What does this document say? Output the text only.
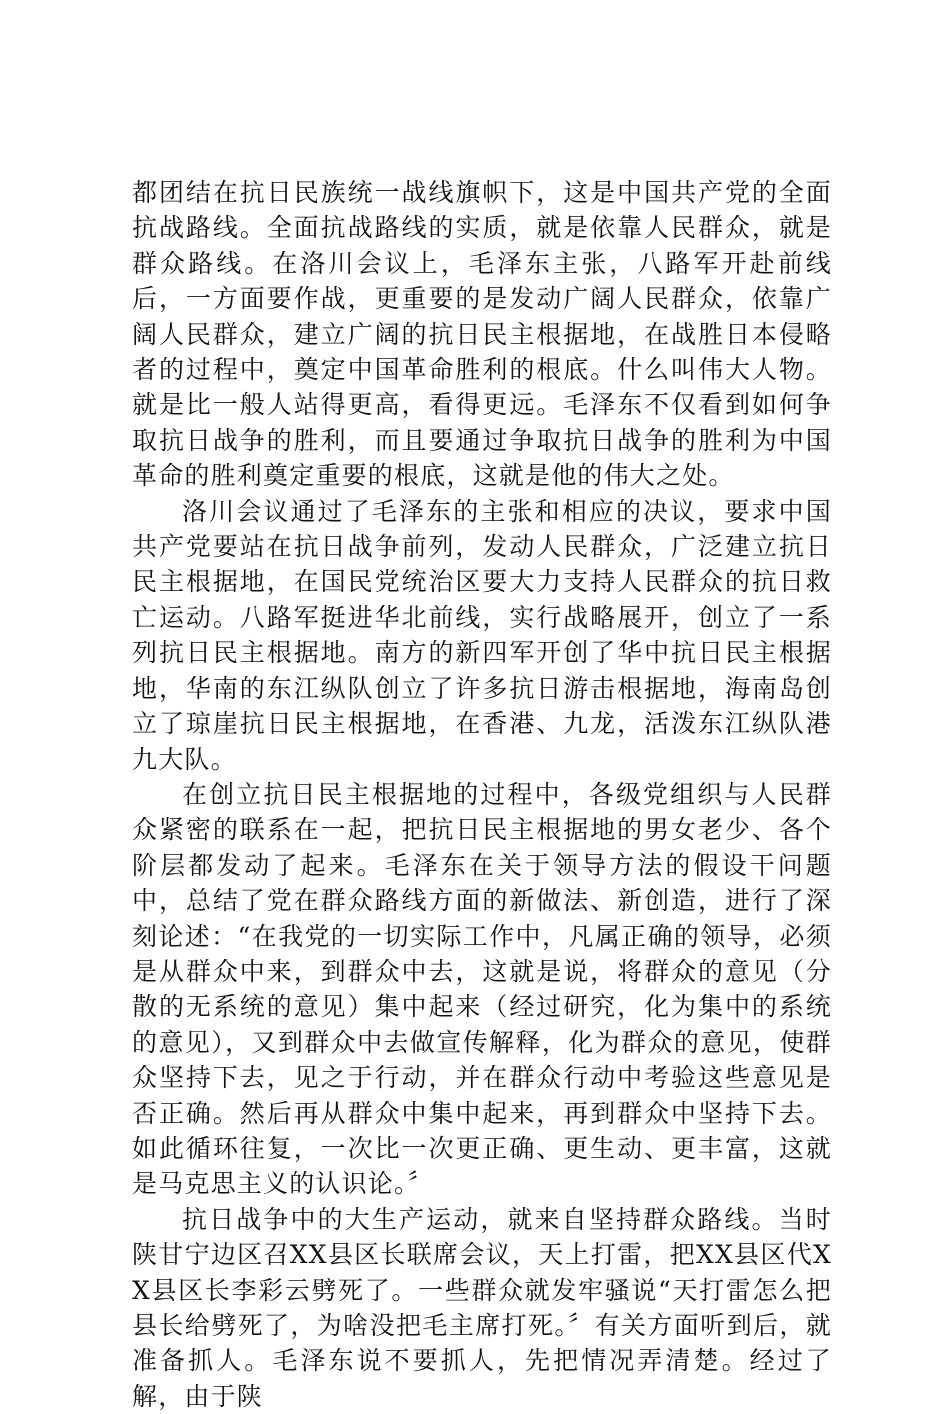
都团结在抗日民族统一战线旗帜下，这是中国共产党的全面抗战路线。全面抗战路线的实质，就是依靠人民群众，就是群众路线。在洛川会议上，毛泽东主张，八路军开赴前线后，一方面要作战，更重要的是发动广阔人民群众，依靠广阔人民群众，建立广阔的抗日民主根据地，在战胜日本侵略者的过程中，奠定中国革命胜利的根底。什么叫伟大人物。就是比一般人站得更高，看得更远。毛泽东不仅看到如何争取抗日战争的胜利，而且要通过争取抗日战争的胜利为中国革命的胜利奠定重要的根底，这就是他的伟大之处。

洛川会议通过了毛泽东的主张和相应的决议，要求中国共产党要站在抗日战争前列，发动人民群众，广泛建立抗日民主根据地，在国民党统治区要大力支持人民群众的抗日救亡运动。八路军挺进华北前线，实行战略展开，创立了一系列抗日民主根据地。南方的新四军开创了华中抗日民主根据地，华南的东江纵队创立了许多抗日游击根据地，海南岛创立了琼崖抗日民主根据地，在香港、九龙，活泼东江纵队港九大队。

在创立抗日民主根据地的过程中，各级党组织与人民群众紧密的联系在一起，把抗日民主根据地的男女老少、各个阶层都发动了起来。毛泽东在关于领导方法的假设干问题中，总结了党在群众路线方面的新做法、新创造，进行了深刻论述：“在我党的一切实际工作中，凡属正确的领导，必须是从群众中来，到群众中去，这就是说，将群众的意见（分散的无系统的意见）集中起来（经过研究，化为集中的系统的意见），又到群众中去做宣传解释，化为群众的意见，使群众坚持下去，见之于行动，并在群众行动中考验这些意见是否正确。然后再从群众中集中起来，再到群众中坚持下去。如此循环往复，一次比一次更正确、更生动、更丰富，这就是马克思主义的认识论。〞

抗日战争中的大生产运动，就来自坚持群众路线。当时陕甘宁边区召XX县区长联席会议，天上打雷，把XX县区代XX县区长李彩云劈死了。一些群众就发牢骚说“天打雷怎么把县长给劈死了，为啥没把毛主席打死。〞有关方面听到后，就准备抓人。毛泽东说不要抓人，先把情况弄清楚。经过了解，由于陕
